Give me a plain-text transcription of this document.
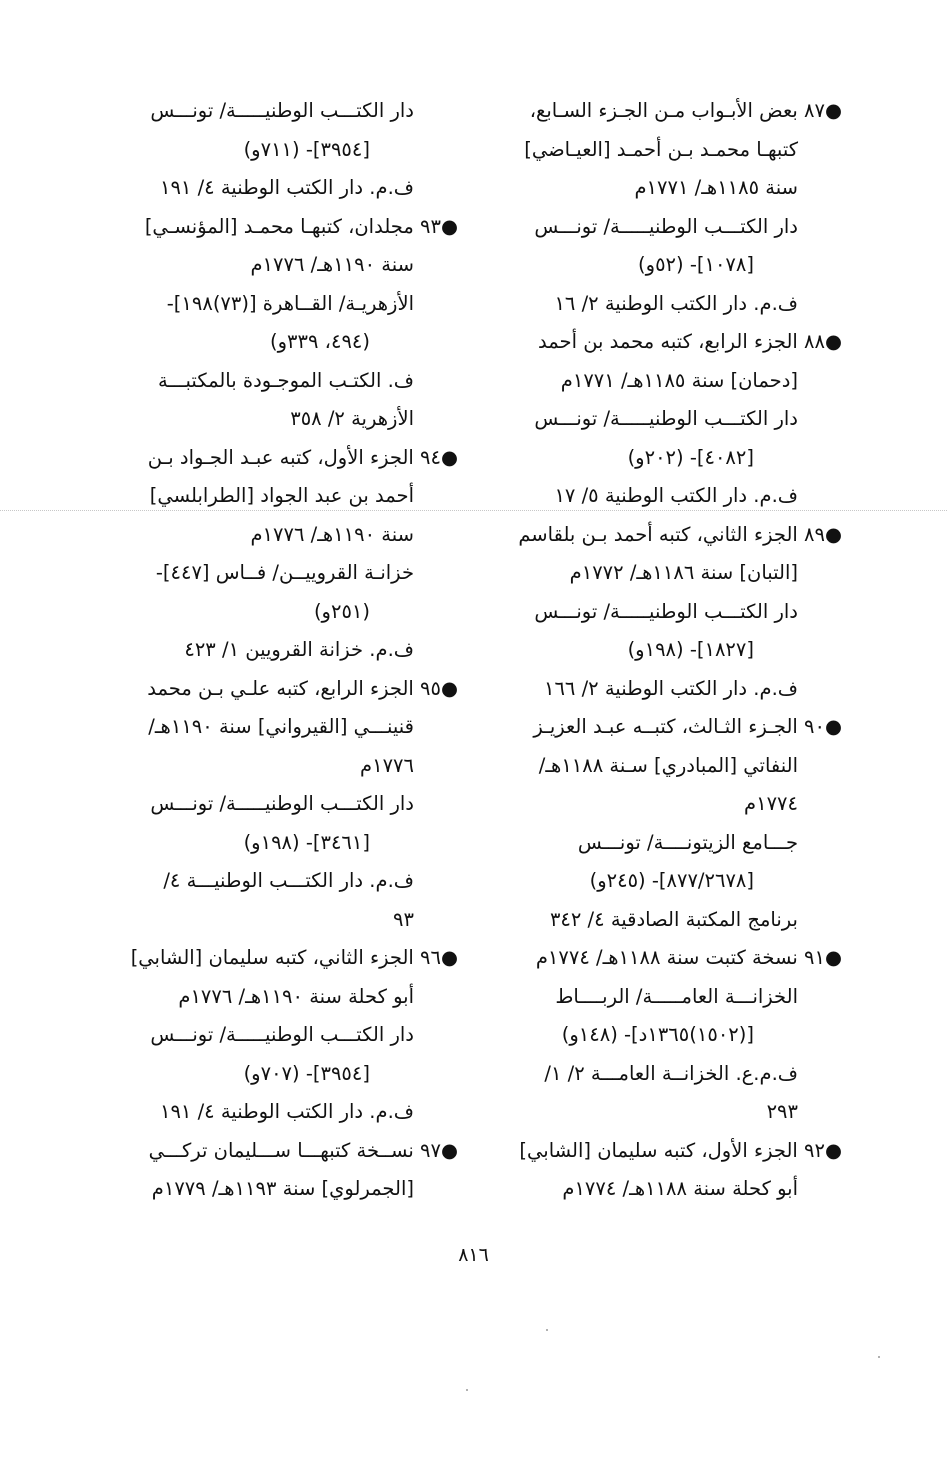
●٨٧ بعض الأبـواب مـن الجـزء السـابع،
كتبهـا محمـد بـن أحمـد [العيـاضي]
سنة ١١٨٥هـ/ ١٧٧١م
دار الكتـــب الوطنيـــــة/ تونـــس
[١٠٧٨]- (٥٢و)
ف.م. دار الكتب الوطنية ٢/ ١٦
●٨٨ الجزء الرابع، كتبه محمد بن أحمد
[دحمان] سنة ١١٨٥هـ/ ١٧٧١م
دار الكتـــب الوطنيـــــة/ تونـــس
[٤٠٨٢]- (٢٠٢و)
ف.م. دار الكتب الوطنية ٥/ ١٧
●٨٩ الجزء الثاني، كتبه أحمد بـن بلقاسم
[التبان] سنة ١١٨٦هـ/ ١٧٧٢م
دار الكتـــب الوطنيـــــة/ تونـــس
[١٨٢٧]- (١٩٨و)
ف.م. دار الكتب الوطنية ٢/ ١٦٦
●٩٠ الجـزء الثـالث، كتبــه عبـد العزيـز
النفاتي [المبادري] سـنة ١١٨٨هـ/
١٧٧٤م
جـــامع الزيتونــــة/ تونـــس
[٨٧٧/٢٦٧٨]- (٢٤٥و)
برنامج المكتبة الصادقية ٤/ ٣٤٢
●٩١ نسخة كتبت سنة ١١٨٨هـ/ ١٧٧٤م
الخزانـــة العامـــــة/ الربــــاط
[(١٥٠٢)١٣٦٥د]- (١٤٨و)
ف.م.ع. الخزانــة العامـــة ٢/ ١/
٢٩٣
●٩٢ الجزء الأول، كتبه سليمان [الشابي]
أبو كحلة سنة ١١٨٨هـ/ ١٧٧٤م
دار الكتـــب الوطنيـــــة/ تونـــس
[٣٩٥٤]- (٧١١و)
ف.م. دار الكتب الوطنية ٤/ ١٩١
●٩٣ مجلدان، كتبهـا محمـد [المؤنسـي]
سنة ١١٩٠هـ/ ١٧٧٦م
الأزهريـة/ القــاهرة [(٧٣)١٩٨]-
(٤٩٤، ٣٣٩و)
ف. الكتـب الموجـودة بالمكتبـــة
الأزهرية ٢/ ٣٥٨
●٩٤ الجزء الأول، كتبه عبـد الجـواد بـن
أحمد بن عبد الجواد [الطرابلسي]
سنة ١١٩٠هـ/ ١٧٧٦م
خزانـة القروييــن/ فــاس [٤٤٧]-
(٢٥١و)
ف.م. خزانة القرويين ١/ ٤٢٣
●٩٥ الجزء الرابع، كتبه علـي بـن محمد
قنينـــي [القيرواني] سنة ١١٩٠هـ/
١٧٧٦م
دار الكتـــب الوطنيـــــة/ تونـــس
[٣٤٦١]- (١٩٨و)
ف.م. دار الكتـــب الوطنيـــة ٤/
٩٣
●٩٦ الجزء الثاني، كتبه سليمان [الشابي]
أبو كحلة سنة ١١٩٠هـ/ ١٧٧٦م
دار الكتـــب الوطنيـــــة/ تونـــس
[٣٩٥٤]- (٧٠٧و)
ف.م. دار الكتب الوطنية ٤/ ١٩١
●٩٧ نســخة كتبهـــا ســـليمان تركـــي
[الجمرلوي] سنة ١١٩٣هـ/ ١٧٧٩م
٨١٦
